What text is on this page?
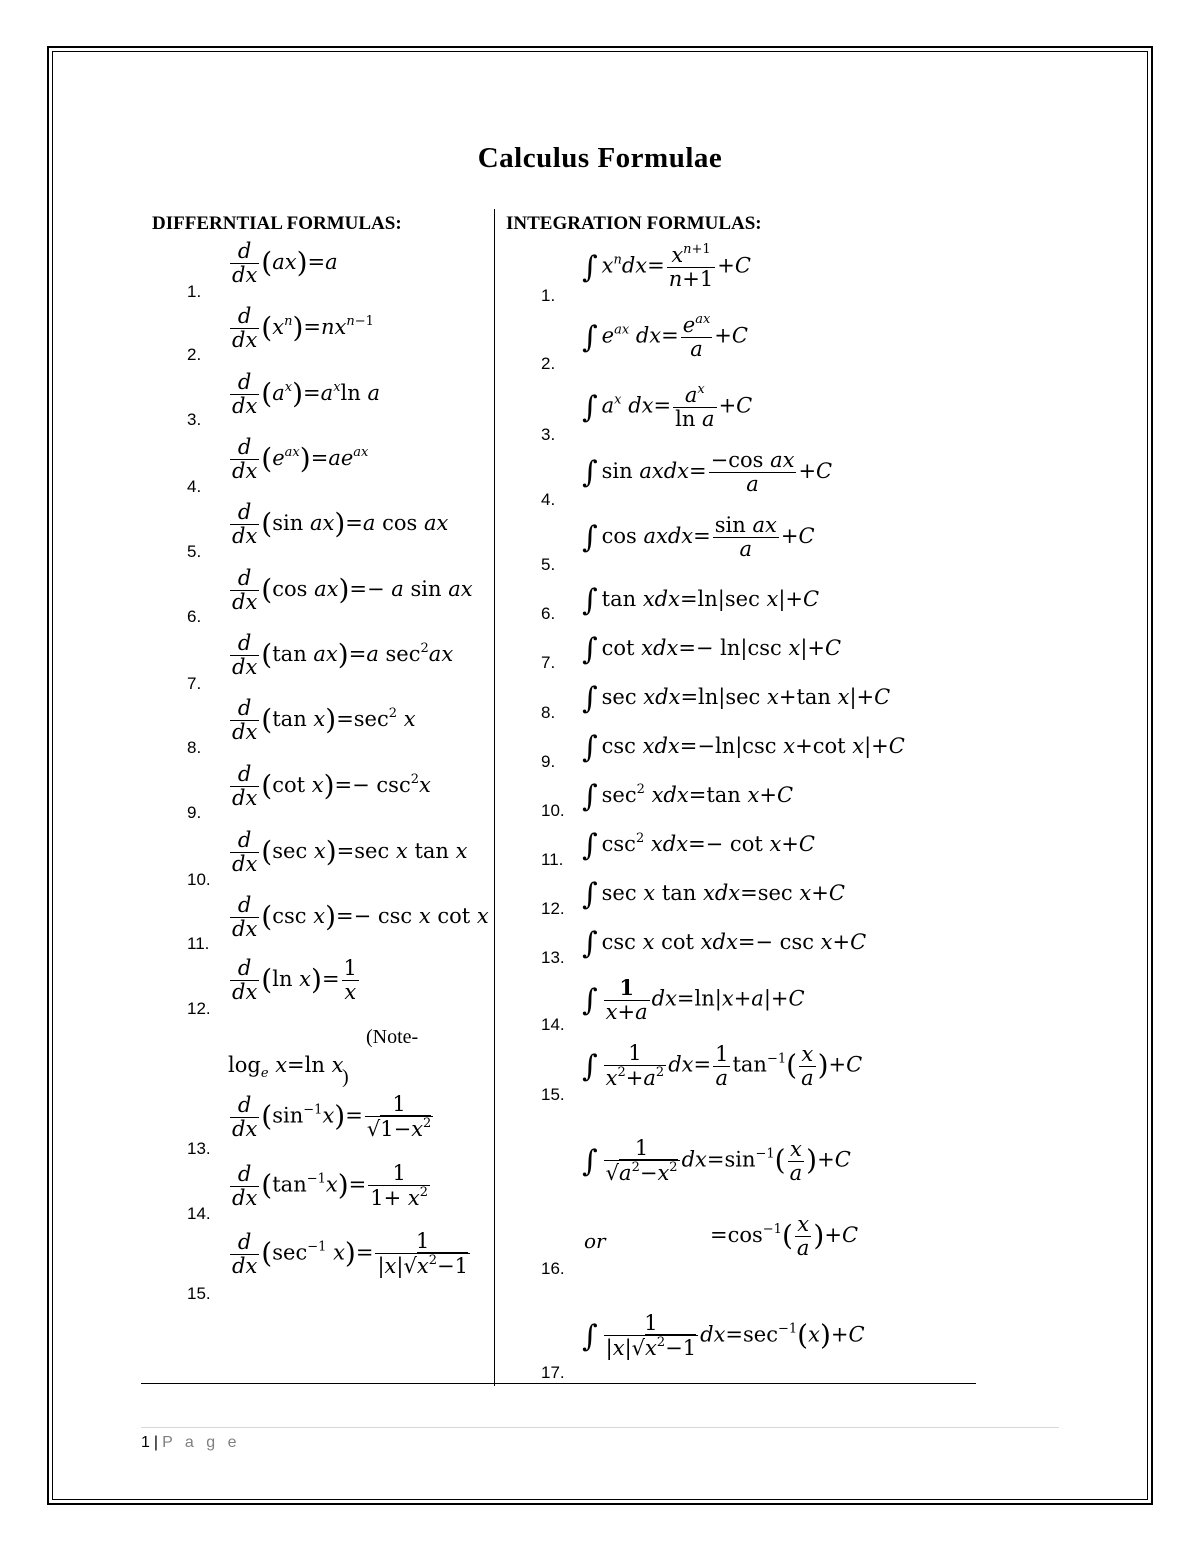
Calculus Formulae
DIFFERNTIAL FORMULAS:	INTEGRATION FORMULAS:
1.
$\frac{d}{dx} (ax)=a$
2.
$\frac{d}{dx} (x^n)=nx^{n-1}$
3.
$\frac{d}{dx} (a^x)=a^x\ln$ a
4.
$\frac{d}{dx} (e^{ax})=ae^{ax}$
5.
$\frac{d}{dx} (\sin$ ax)=a cos ax
6.
$\frac{d}{dx} (\cos$ ax)=− a sin ax
7.
$\frac{d}{dx} (\tan$ ax)=a $\sec^2ax$
8.
$\frac{d}{dx} (\tan$ $x)=\sec^2$ x
9.
$\frac{d}{dx} (\cot$ $x)=- \csc^2x$
10.
$\frac{d}{dx} (\sec$ x)=sec x tan x
11.
$\frac{d}{dx} (\csc$ x)=− csc x cot x
12.
$\frac{d}{dx} (\ln$ $x)= \frac{1}{x}$
(Note-
$\log_e x=\ln$ x
)
13.
$\frac{d}{dx} (\sin^{-1}x)= \frac{1}{√1-x^2}$
14.
$\frac{d}{dx} (\tan^{-1}x)= \frac{1}{1+ x^2}$
15.
$\frac{d}{dx} (\sec^{-1}$ $x)= \frac{1}{|x|√x^2-1}$
1.
∫ $x^ndx= \frac{x^{n+1}}{n+1} +C$
2.
∫ $e^{ax}$ $dx= \frac{e^{ax}}{a} +C$
3.
∫ $a^x$ $dx= \frac{a^x}{\text{ln a}} +C$
4.
∫ sin axdx= $\frac{\text{−cos ax}}{a} +C$
5.
∫ cos axdx= $\frac{\text{sin ax}}{a} +C$
6. ∫ tan xdx=ln|sec x|+C
7. ∫ cot xdx=− ln|csc x|+C
8. ∫ sec xdx=ln|sec x+tan x|+C
9. ∫ csc xdx=−ln|csc x+cot x|+C
10. ∫ $\sec^2 xdx=\tan$ x+C
11. ∫ $\csc^2 xdx=- \cot x+C$
12. ∫ sec x tan xdx=sec x+C
13. ∫ csc x cot xdx=− csc x+C
14.
∫ $\frac{1}{x+a} dx=\ln|x+a|+C$
15.
∫ $\frac{1}{x^2+a^2} dx= \frac{1}{a} \tan^{-1}( \frac{x}{a} )+C$
∫ $\frac{1}{√a^2-x^2} dx=\sin^{-1}( \frac{x}{a} )+C$
or	$=\cos^{-1}( \frac{x}{a} )+C$
16.
17.
∫ $\frac{1}{|x|√x^2-1} dx=\sec^{-1}(x)+C$
1 | P a g e
